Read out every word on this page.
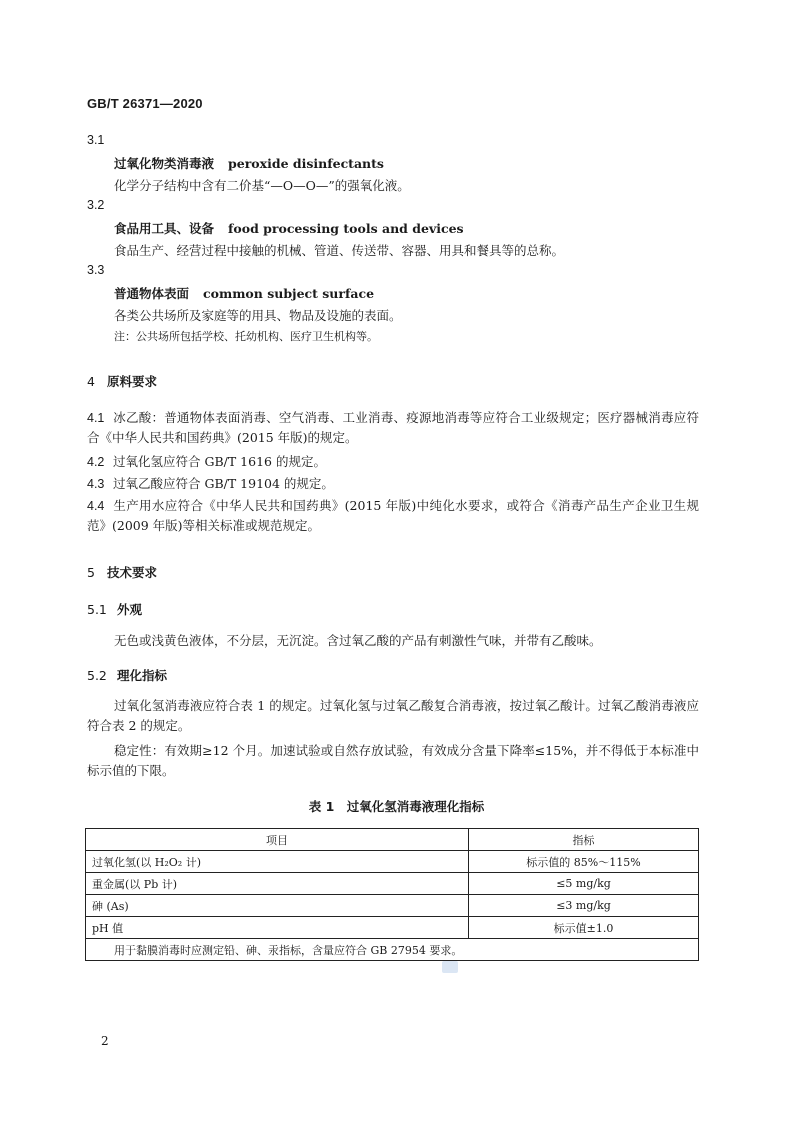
GB/T 26371—2020
3.1
过氧化物类消毒液 peroxide disinfectants
化学分子结构中含有二价基“—O—O—”的强氧化液。
3.2
食品用工具、设备 food processing tools and devices
食品生产、经营过程中接触的机械、管道、传送带、容器、用具和餐具等的总称。
3.3
普通物体表面 common subject surface
各类公共场所及家庭等的用具、物品及设施的表面。
注：公共场所包括学校、托幼机构、医疗卫生机构等。
4 原料要求
4.1 冰乙酸：普通物体表面消毒、空气消毒、工业消毒、疫源地消毒等应符合工业级规定；医疗器械消毒应符合《中华人民共和国药典》(2015 年版)的规定。
4.2 过氧化氢应符合 GB/T 1616 的规定。
4.3 过氧乙酸应符合 GB/T 19104 的规定。
4.4 生产用水应符合《中华人民共和国药典》(2015 年版)中纯化水要求，或符合《消毒产品生产企业卫生规范》(2009 年版)等相关标准或规范规定。
5 技术要求
5.1 外观
无色或浅黄色液体，不分层，无沉淀。含过氧乙酸的产品有刺激性气味，并带有乙酸味。
5.2 理化指标
过氧化氢消毒液应符合表 1 的规定。过氧化氢与过氧乙酸复合消毒液，按过氧乙酸计。过氧乙酸消毒液应符合表 2 的规定。
稳定性：有效期≥12 个月。加速试验或自然存放试验，有效成分含量下降率≤15%，并不得低于本标准中标示值的下限。
表 1　过氧化氢消毒液理化指标
项目	指标
过氧化氢(以 H₂O₂ 计)	标示值的 85%～115%
重金属(以 Pb 计)	≤5 mg/kg
砷 (As)	≤3 mg/kg
pH 值	标示值±1.0
用于黏膜消毒时应测定铅、砷、汞指标，含量应符合 GB 27954 要求。	
2
